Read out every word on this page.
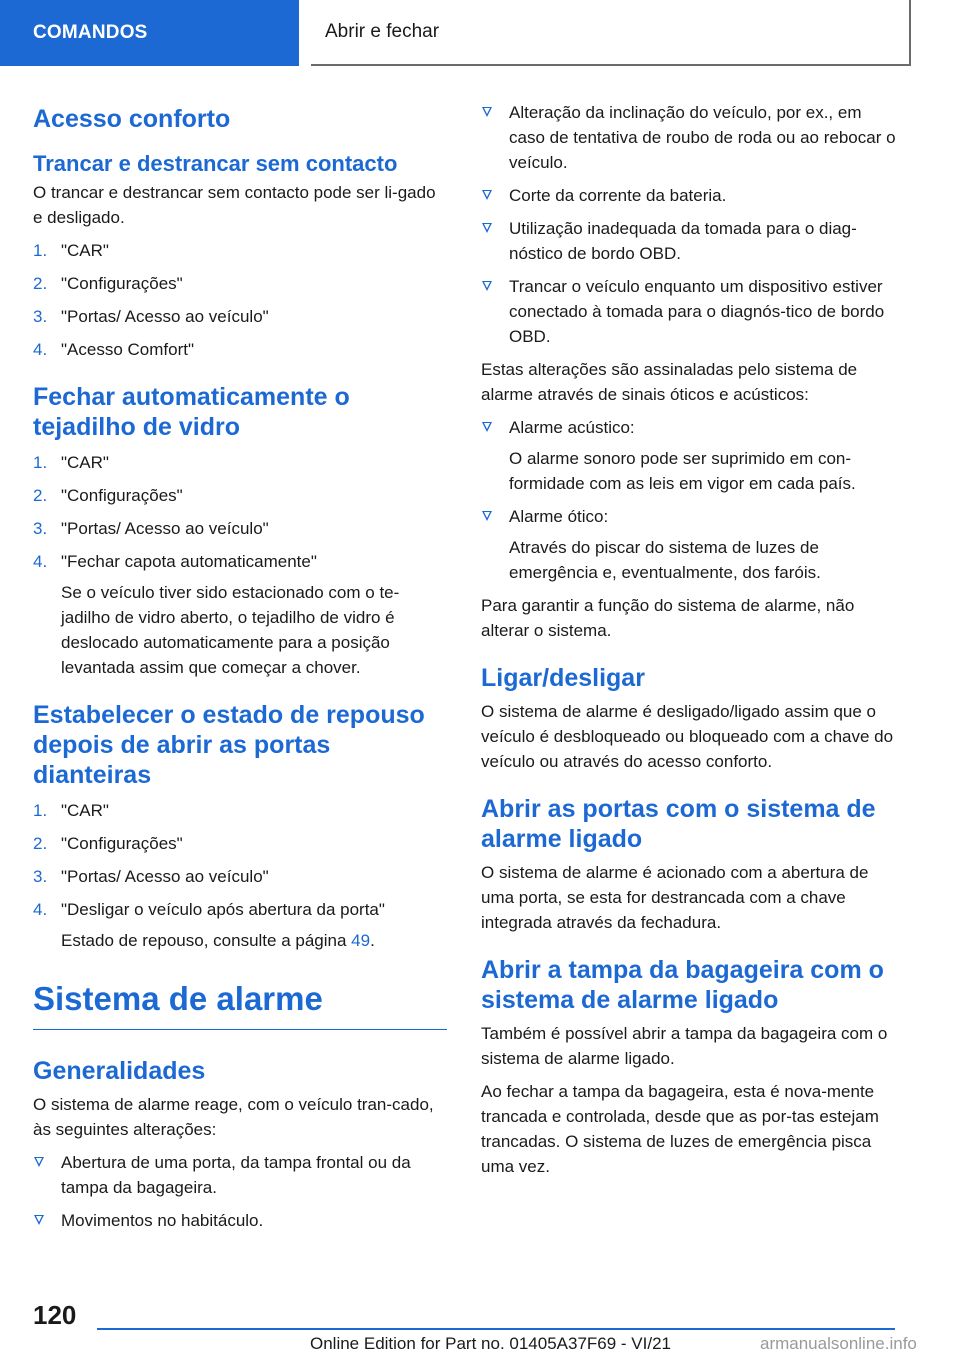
COMANDOS	Abrir e fechar
Acesso conforto
Trancar e destrancar sem contacto

O trancar e destrancar sem contacto pode ser li-gado e desligado.

1. "CAR"
2. "Configurações"
3. "Portas/ Acesso ao veículo"
4. "Acesso Comfort"
Fechar automaticamente o tejadilho de vidro
1. "CAR"
2. "Configurações"
3. "Portas/ Acesso ao veículo"
4. "Fechar capota automaticamente"
Se o veículo tiver sido estacionado com o te-jadilho de vidro aberto, o tejadilho de vidro é deslocado automaticamente para a posição levantada assim que começar a chover.
Estabelecer o estado de repouso depois de abrir as portas dianteiras
1. "CAR"
2. "Configurações"
3. "Portas/ Acesso ao veículo"
4. "Desligar o veículo após abertura da porta"
Estado de repouso, consulte a página 49.
Sistema de alarme
Generalidades

O sistema de alarme reage, com o veículo tran-cado, às seguintes alterações:

Abertura de uma porta, da tampa frontal ou da tampa da bagageira.
Movimentos no habitáculo.
Alteração da inclinação do veículo, por ex., em caso de tentativa de roubo de roda ou ao rebocar o veículo.
Corte da corrente da bateria.
Utilização inadequada da tomada para o diag-nóstico de bordo OBD.
Trancar o veículo enquanto um dispositivo estiver conectado à tomada para o diagnós-tico de bordo OBD.

Estas alterações são assinaladas pelo sistema de alarme através de sinais óticos e acústicos:

Alarme acústico:
O alarme sonoro pode ser suprimido em con-formidade com as leis em vigor em cada país.
Alarme ótico:
Através do piscar do sistema de luzes de emergência e, eventualmente, dos faróis.

Para garantir a função do sistema de alarme, não alterar o sistema.

Ligar/desligar

O sistema de alarme é desligado/ligado assim que o veículo é desbloqueado ou bloqueado com a chave do veículo ou através do acesso conforto.

Abrir as portas com o sistema de alarme ligado

O sistema de alarme é acionado com a abertura de uma porta, se esta for destrancada com a chave integrada através da fechadura.

Abrir a tampa da bagageira com o sistema de alarme ligado

Também é possível abrir a tampa da bagageira com o sistema de alarme ligado.

Ao fechar a tampa da bagageira, esta é nova-mente trancada e controlada, desde que as por-tas estejam trancadas. O sistema de luzes de emergência pisca uma vez.

120
Online Edition for Part no. 01405A37F69 - VI/21	armanualsonline.info
